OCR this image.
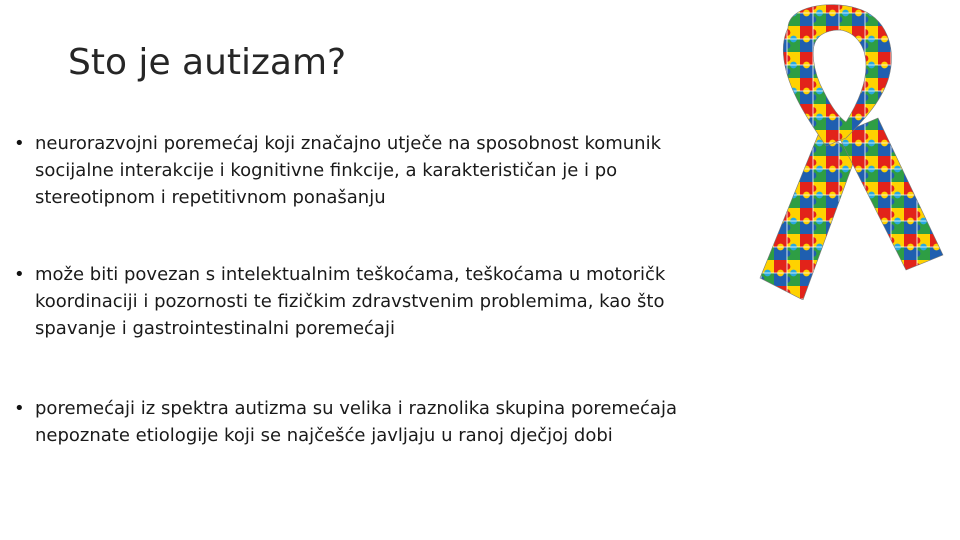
Sto je autizam?
• neurorazvojni poremećaj koji značajno utječe na sposobnost komunik
socijalne interakcije i kognitivne finkcije, a karakterističan je i po
stereotipnom i repetitivnom ponašanju
• može biti povezan s intelektualnim teškoćama, teškoćama u motoričk
koordinaciji i pozornosti te fizičkim zdravstvenim problemima, kao što
spavanje i gastrointestinalni poremećaji
• poremećaji iz spektra autizma su velika i raznolika skupina poremećaja
nepoznate etiologije koji se najčešće javljaju u ranoj dječjoj dobi
